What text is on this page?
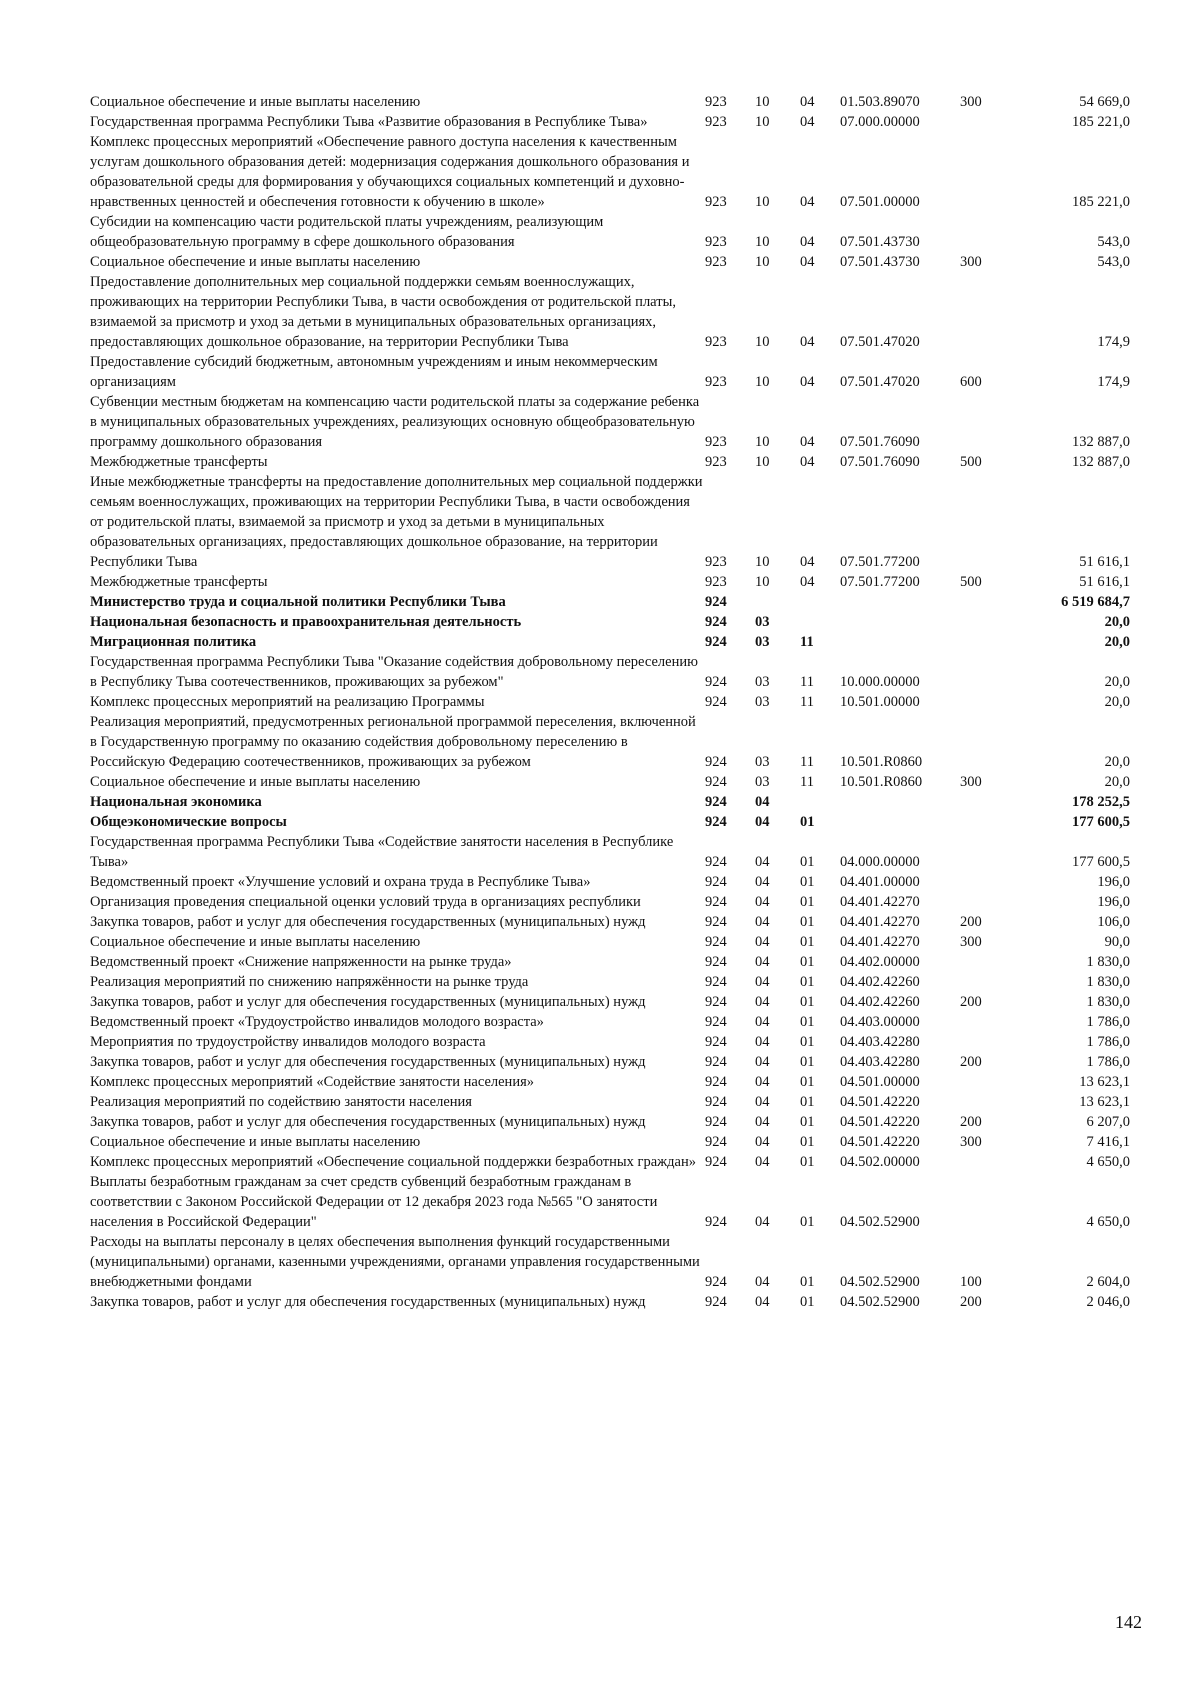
Социальное обеспечение и иные выплаты населению	923	10	04	01.503.89070	300	54 669,0
Государственная программа Республики Тыва «Развитие образования в Республике Тыва»	923	10	04	07.000.00000		185 221,0
Комплекс процессных мероприятий «Обеспечение равного доступа населения к качественным услугам дошкольного образования детей: модернизация содержания дошкольного образования и образовательной среды для формирования у обучающихся социальных компетенций и духовно-нравственных ценностей и обеспечения готовности к обучению в школе»	923	10	04	07.501.00000		185 221,0
Субсидии на компенсацию части родительской платы учреждениям, реализующим общеобразовательную программу в сфере дошкольного образования	923	10	04	07.501.43730		543,0
Социальное обеспечение и иные выплаты населению	923	10	04	07.501.43730	300	543,0
Предоставление дополнительных мер социальной поддержки семьям военнослужащих, проживающих на территории Республики Тыва, в части освобождения от родительской платы, взимаемой за присмотр и уход за детьми в муниципальных образовательных организациях, предоставляющих дошкольное образование, на территории Республики Тыва	923	10	04	07.501.47020		174,9
Предоставление субсидий бюджетным, автономным учреждениям и иным некоммерческим организациям	923	10	04	07.501.47020	600	174,9
Субвенции местным бюджетам на компенсацию части родительской платы за содержание ребенка в муниципальных образовательных учреждениях, реализующих основную общеобразовательную программу дошкольного образования	923	10	04	07.501.76090		132 887,0
Межбюджетные трансферты	923	10	04	07.501.76090	500	132 887,0
Иные межбюджетные трансферты на предоставление дополнительных мер социальной поддержки семьям военнослужащих, проживающих на территории Республики Тыва, в части освобождения от родительской платы, взимаемой за присмотр и уход за детьми в муниципальных образовательных организациях, предоставляющих дошкольное образование, на территории Республики Тыва	923	10	04	07.501.77200		51 616,1
Межбюджетные трансферты	923	10	04	07.501.77200	500	51 616,1
Министерство труда и социальной политики Республики Тыва	924					6 519 684,7
Национальная безопасность и правоохранительная деятельность	924	03				20,0
Миграционная политика	924	03	11			20,0
Государственная программа Республики Тыва "Оказание содействия добровольному переселению в Республику Тыва соотечественников, проживающих за рубежом"	924	03	11	10.000.00000		20,0
Комплекс процессных мероприятий на реализацию Программы	924	03	11	10.501.00000		20,0
Реализация мероприятий, предусмотренных региональной программой переселения, включенной в Государственную программу по оказанию содействия добровольному переселению в Российскую Федерацию соотечественников, проживающих за рубежом	924	03	11	10.501.R0860		20,0
Социальное обеспечение и иные выплаты населению	924	03	11	10.501.R0860	300	20,0
Национальная экономика	924	04				178 252,5
Общеэкономические вопросы	924	04	01			177 600,5
Государственная программа Республики Тыва «Содействие занятости населения в Республике Тыва»	924	04	01	04.000.00000		177 600,5
Ведомственный проект «Улучшение условий и охрана труда в Республике Тыва»	924	04	01	04.401.00000		196,0
Организация проведения специальной оценки условий труда в организациях республики	924	04	01	04.401.42270		196,0
Закупка товаров, работ и услуг для обеспечения государственных (муниципальных) нужд	924	04	01	04.401.42270	200	106,0
Социальное обеспечение и иные выплаты населению	924	04	01	04.401.42270	300	90,0
Ведомственный проект «Снижение напряженности на рынке труда»	924	04	01	04.402.00000		1 830,0
Реализация мероприятий по снижению напряжённости на рынке труда	924	04	01	04.402.42260		1 830,0
Закупка товаров, работ и услуг для обеспечения государственных (муниципальных) нужд	924	04	01	04.402.42260	200	1 830,0
Ведомственный проект «Трудоустройство инвалидов молодого возраста»	924	04	01	04.403.00000		1 786,0
Мероприятия по трудоустройству инвалидов молодого возраста	924	04	01	04.403.42280		1 786,0
Закупка товаров, работ и услуг для обеспечения государственных (муниципальных) нужд	924	04	01	04.403.42280	200	1 786,0
Комплекс процессных мероприятий «Содействие занятости населения»	924	04	01	04.501.00000		13 623,1
Реализация мероприятий по содействию занятости населения	924	04	01	04.501.42220		13 623,1
Закупка товаров, работ и услуг для обеспечения государственных (муниципальных) нужд	924	04	01	04.501.42220	200	6 207,0
Социальное обеспечение и иные выплаты населению	924	04	01	04.501.42220	300	7 416,1
Комплекс процессных мероприятий «Обеспечение социальной поддержки безработных граждан»	924	04	01	04.502.00000		4 650,0
Выплаты безработным гражданам за счет средств субвенций безработным гражданам в соответствии с Законом Российской Федерации от 12 декабря 2023 года №565 "О занятости населения в Российской Федерации"	924	04	01	04.502.52900		4 650,0
Расходы на выплаты персоналу в целях обеспечения выполнения функций государственными (муниципальными) органами, казенными учреждениями, органами управления государственными внебюджетными фондами	924	04	01	04.502.52900	100	2 604,0
Закупка товаров, работ и услуг для обеспечения государственных (муниципальных) нужд	924	04	01	04.502.52900	200	2 046,0
142
